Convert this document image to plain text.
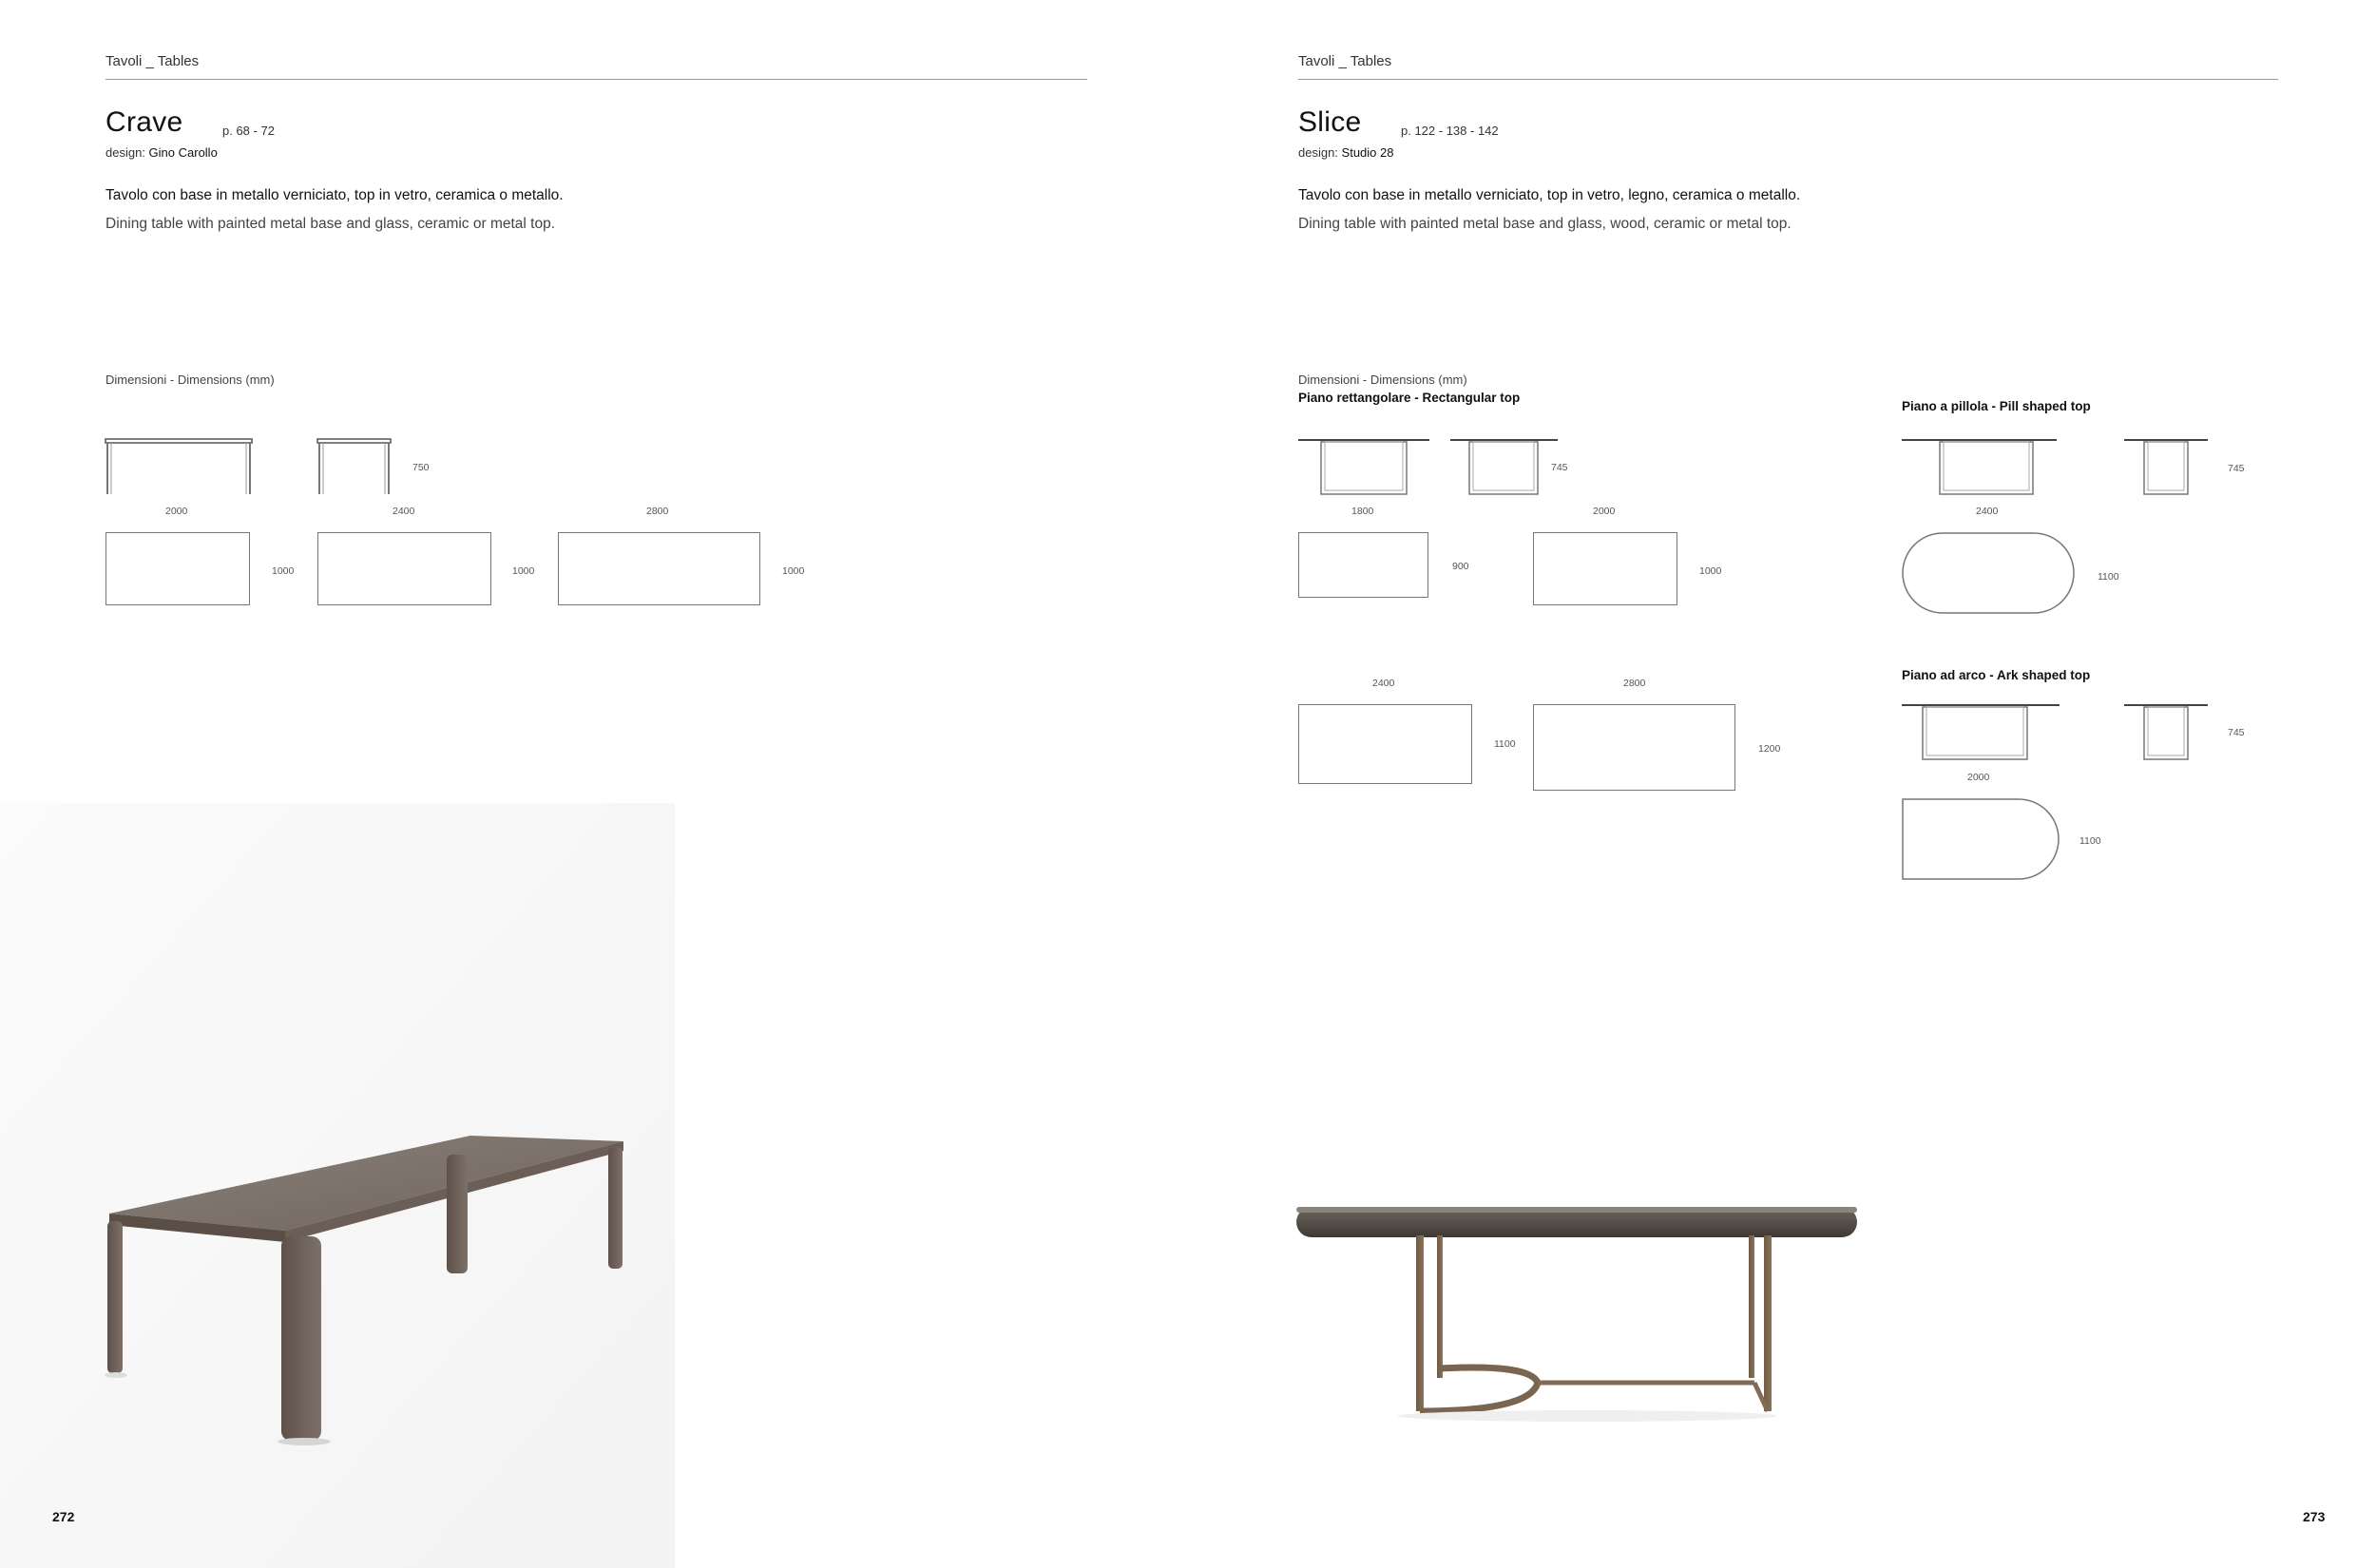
Tavoli _ Tables
Crave	p. 68 - 72
design: Gino Carollo
Tavolo con base in metallo verniciato, top in vetro, ceramica o metallo.
Dining table with painted metal base and glass, ceramic or metal top.
Dimensioni - Dimensions (mm)
750
2000
1000
2400
1000
2800
1000
272
Tavoli _ Tables
Slice	p. 122 - 138 - 142
design: Studio 28
Tavolo con base in metallo verniciato, top in vetro, legno, ceramica o metallo.
Dining table with painted metal base and glass, wood, ceramic or metal top.
Dimensioni - Dimensions (mm)
Piano rettangolare - Rectangular top
745
1800
900
2000
1000
2400
1100
2800
1200
Piano a pillola - Pill shaped top
745
2400
1100
Piano ad arco - Ark shaped top
745
2000
1100
273
